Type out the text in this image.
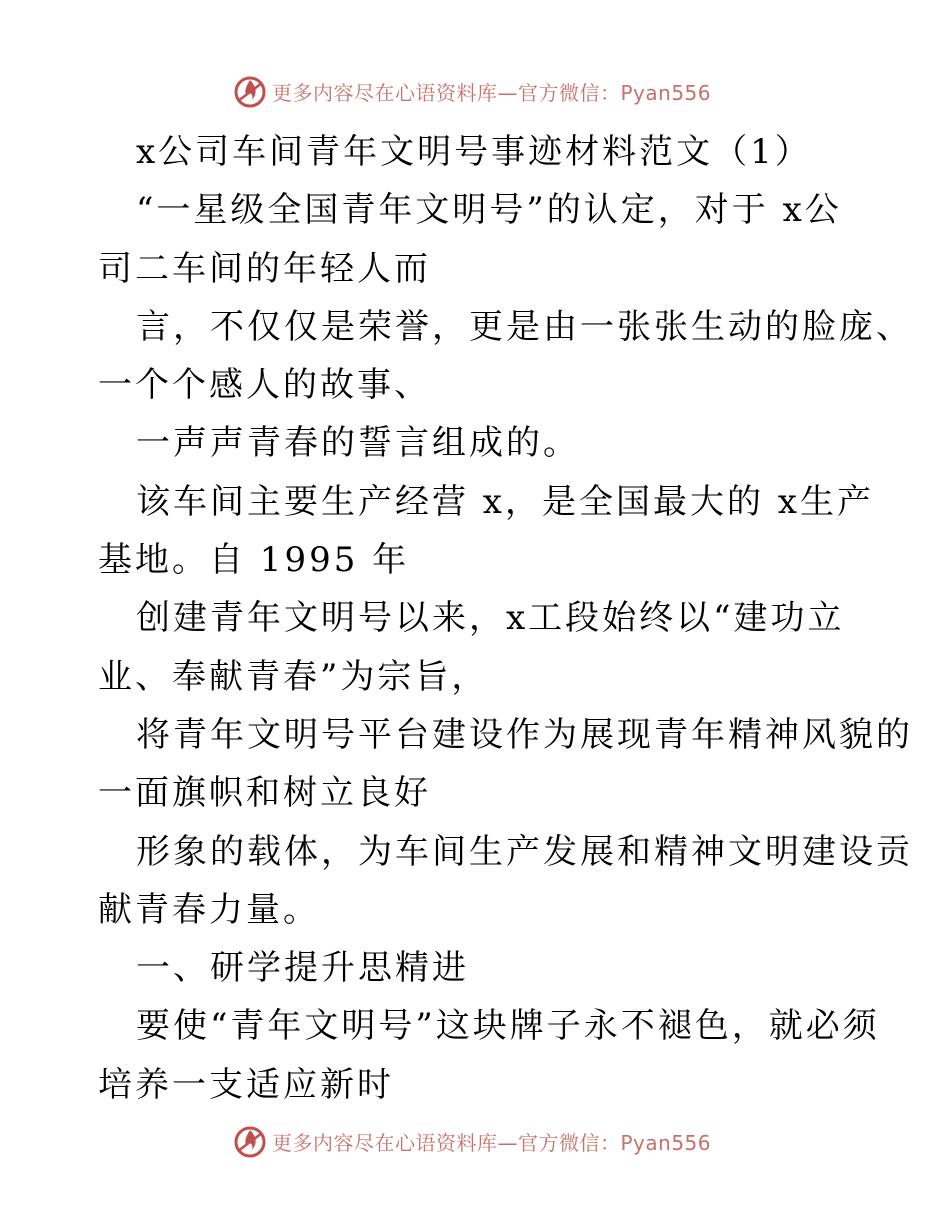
更多内容尽在心语资料库—官方微信：Pyan556

x公司车间青年文明号事迹材料范文（1）

“一星级全国青年文明号”的认定，对于 x公

司二车间的年轻人而

言，不仅仅是荣誉，更是由一张张生动的脸庞、

一个个感人的故事、

一声声青春的誓言组成的。

该车间主要生产经营 x，是全国最大的 x生产

基地。自 1995 年

创建青年文明号以来，x工段始终以“建功立

业、奉献青春”为宗旨，

将青年文明号平台建设作为展现青年精神风貌的

一面旗帜和树立良好

形象的载体，为车间生产发展和精神文明建设贡

献青春力量。

一、研学提升思精进

要使“青年文明号”这块牌子永不褪色，就必须

培养一支适应新时

更多内容尽在心语资料库—官方微信：Pyan556
